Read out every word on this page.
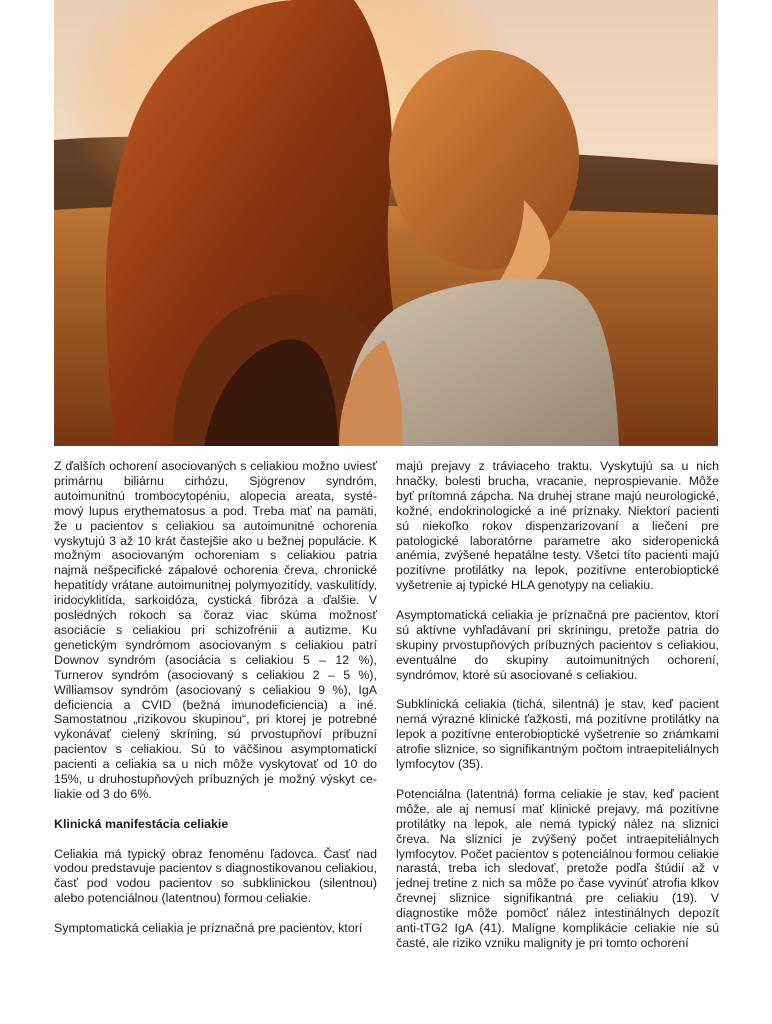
Z ďalších ochorení asociovaných s celiakiou možno uviesť primárnu biliárnu cirhózu, Sjögrenov syndróm, autoimunitnú trombocytopéniu, alopecia areata, systémový lupus erythematosus a pod. Treba mať na pamäti, že u pacientov s celiakiou sa autoimunitné ochorenia vyskytujú 3 až 10 krát častejšie ako u bežnej populácie. K možným asociovaným ochoreniam s celiakiou patria najmä nešpecifické zápalové ochorenia čreva, chronické hepatitídy vrátane autoimunitnej polymyozitídy, vaskulitídy, iridocyklitída, sarkoidóza, cystická fibróza a ďalšie. V posledných rokoch sa čoraz viac skúma možnosť asociácie s celiakiou pri schizofrénii a autizme. Ku genetickým syndrómom asociovaným s celiakiou patrí Downov syndróm (asociácia s celiakiou 5 – 12 %), Turnerov syndróm (asociovaný s celiakiou 2 – 5 %), Williamsov syndróm (asociovaný s celiakiou 9 %), IgA deficiencia a CVID (bežná imunodeficiencia) a iné. Samostatnou „rizikovou skupinou“, pri ktorej je potrebné vykonávať cielený skríning, sú prvostupňoví príbuzní pacientov s celiakiou. Sú to väčšinou asymptomatickí pacienti a celiakia sa u nich môže vyskytovať od 10 do 15%, u druhostupňových príbuzných je možný výskyt celiakie od 3 do 6%.

Klinická manifestácia celiakie

Celiakia má typický obraz fenoménu ľadovca. Časť nad vodou predstavuje pacientov s diagnostikovanou celiakiou, časť pod vodou pacientov so subklinickou (silentnou) alebo potenciálnou (latentnou) formou celiakie.

Symptomatická celiakia je príznačná pre pacientov, ktorí

majú prejavy z tráviaceho traktu. Vyskytujú sa u nich hnačky, bolesti brucha, vracanie, neprospievanie. Môže byť prítomná zápcha. Na druhej strane majú neurologické, kožné, endokrinologické a iné príznaky. Niektorí pacienti sú niekoľko rokov dispenzarizovaní a liečení pre patologické laboratórne parametre ako sideropenická anémia, zvýšené hepatálne testy. Všetci títo pacienti majú pozitívne protilátky na lepok, pozitívne enterobioptické vyšetrenie aj typické HLA genotypy na celiakiu.

Asymptomatická celiakia je príznačná pre pacientov, ktorí sú aktívne vyhľadávaní pri skríningu, pretože patria do skupiny prvostupňových príbuzných pacientov s celiakiou, eventuálne do skupiny autoimunitných ochorení, syndrómov, ktoré sú asociované s celiakiou.

Subklinická celiakia (tichá, silentná) je stav, keď pacient nemá výrazné klinické ťažkosti, má pozitívne protilátky na lepok a pozitívne enterobioptické vyšetrenie so známkami atrofie sliznice, so signifikantným počtom intraepiteliálnych lymfocytov (35).

Potenciálna (latentná) forma celiakie je stav, keď pacient môže, ale aj nemusí mať klinické prejavy, má pozitívne protilátky na lepok, ale nemá typický nález na sliznici čreva. Na sliznici je zvýšený počet intraepiteliálnych lymfocytov. Počet pacientov s potenciálnou formou celiakie narastá, treba ich sledovať, pretože podľa štúdií až v jednej tretine z nich sa môže po čase vyvinúť atrofia klkov črevnej sliznice signifikantná pre celiakiu (19). V diagnostike môže pomôcť nález intestinálnych depozít anti-tTG2 IgA (41). Malígne komplikácie celiakie nie sú časté, ale riziko vzniku malignity je pri tomto ochorení
